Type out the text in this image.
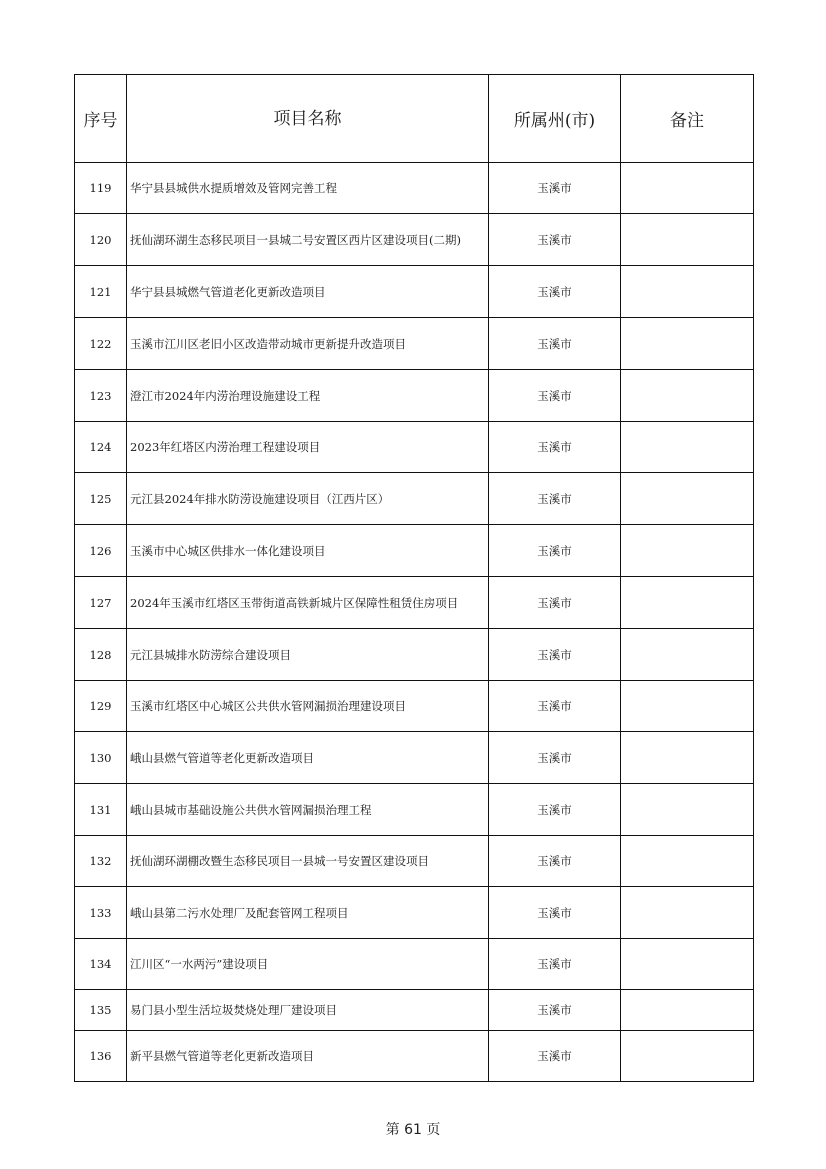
序号	项目名称	所属州(市)	备注
119	华宁县县城供水提质增效及管网完善工程	玉溪市	
120	抚仙湖环湖生态移民项目一县城二号安置区西片区建设项目(二期)	玉溪市	
121	华宁县县城燃气管道老化更新改造项目	玉溪市	
122	玉溪市江川区老旧小区改造带动城市更新提升改造项目	玉溪市	
123	澄江市2024年内涝治理设施建设工程	玉溪市	
124	2023年红塔区内涝治理工程建设项目	玉溪市	
125	元江县2024年排水防涝设施建设项目（江西片区）	玉溪市	
126	玉溪市中心城区供排水一体化建设项目	玉溪市	
127	2024年玉溪市红塔区玉带街道高铁新城片区保障性租赁住房项目	玉溪市	
128	元江县城排水防涝综合建设项目	玉溪市	
129	玉溪市红塔区中心城区公共供水管网漏损治理建设项目	玉溪市	
130	峨山县燃气管道等老化更新改造项目	玉溪市	
131	峨山县城市基础设施公共供水管网漏损治理工程	玉溪市	
132	抚仙湖环湖棚改暨生态移民项目一县城一号安置区建设项目	玉溪市	
133	峨山县第二污水处理厂及配套管网工程项目	玉溪市	
134	江川区“一水两污”建设项目	玉溪市	
135	易门县小型生活垃圾焚烧处理厂建设项目	玉溪市	
136	新平县燃气管道等老化更新改造项目	玉溪市	
第 61 页
